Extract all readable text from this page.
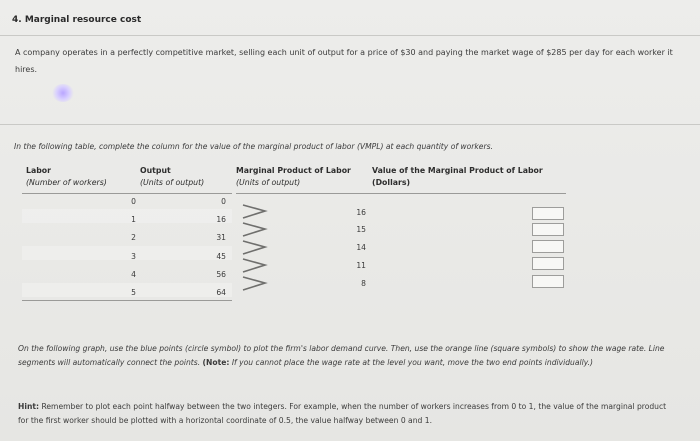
4. Marginal resource cost
A company operates in a perfectly competitive market, selling each unit of output for a price of $30 and paying the market wage of $285 per day for each worker it hires.
In the following table, complete the column for the value of the marginal product of labor (VMPL) at each quantity of workers.
Labor
(Number of workers)
Output
(Units of output)
Marginal Product of Labor
(Units of output)
Value of the Marginal Product of Labor
(Dollars)
0
1
2
3
4
5
0
16
31
45
56
64
16
15
14
11
8
On the following graph, use the blue points (circle symbol) to plot the firm's labor demand curve. Then, use the orange line (square symbols) to show the wage rate. Line segments will automatically connect the points. (Note: If you cannot place the wage rate at the level you want, move the two end points individually.)
Hint: Remember to plot each point halfway between the two integers. For example, when the number of workers increases from 0 to 1, the value of the marginal product for the first worker should be plotted with a horizontal coordinate of 0.5, the value halfway between 0 and 1.
